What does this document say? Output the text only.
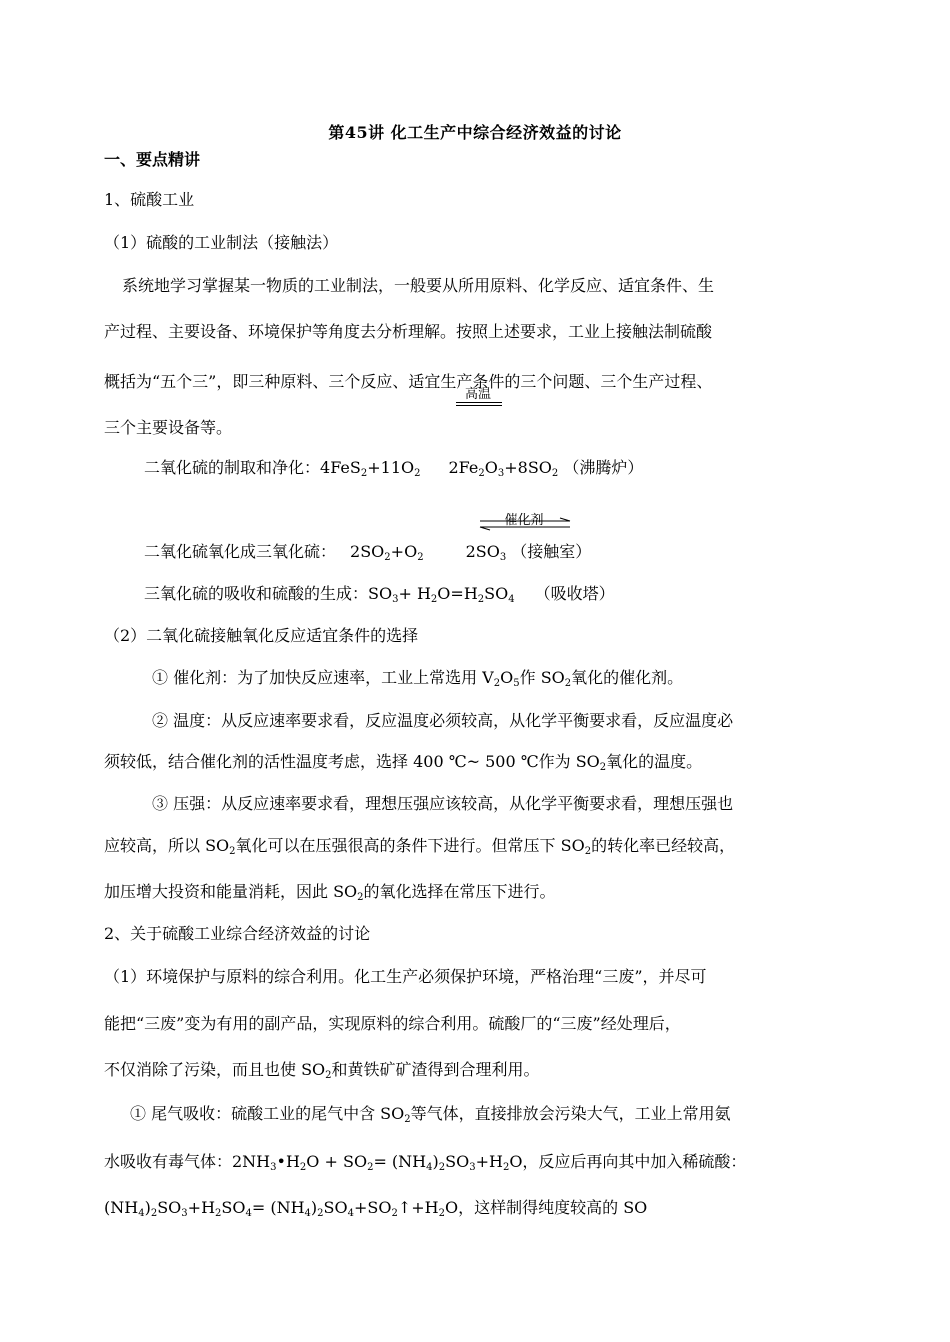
第45讲 化工生产中综合经济效益的讨论
一、要点精讲
1、硫酸工业
（1）硫酸的工业制法（接触法）
系统地学习掌握某一物质的工业制法，一般要从所用原料、化学反应、适宜条件、生
产过程、主要设备、环境保护等角度去分析理解。按照上述要求，工业上接触法制硫酸
概括为“五个三”，即三种原料、三个反应、适宜生产条件的三个问题、三个生产过程、
三个主要设备等。
高温
二氧化硫的制取和净化：$4FeS_2+11O_2$ $2Fe_2O_3+8SO_2$ （沸腾炉）
催化剂
二氧化硫氧化成三氧化硫： $2SO_2+O_2$	$2SO_3$ （接触室）
三氧化硫的吸收和硫酸的生成：$SO_3+ H_2O=H_2SO_4$ （吸收塔）
（2）二氧化硫接触氧化反应适宜条件的选择
① 催化剂：为了加快反应速率，工业上常选用 $V_2O_5$作 $SO_2$氧化的催化剂。
② 温度：从反应速率要求看，反应温度必须较高，从化学平衡要求看，反应温度必
须较低，结合催化剂的活性温度考虑，选择 400 ℃~ 500 ℃作为 $SO_2$氧化的温度。
③ 压强：从反应速率要求看，理想压强应该较高，从化学平衡要求看，理想压强也
应较高，所以 $SO_2$氧化可以在压强很高的条件下进行。但常压下 $SO_2$的转化率已经较高，
加压增大投资和能量消耗，因此 $SO_2$的氧化选择在常压下进行。
2、关于硫酸工业综合经济效益的讨论
（1）环境保护与原料的综合利用。化工生产必须保护环境，严格治理“三废”，并尽可
能把“三废”变为有用的副产品，实现原料的综合利用。硫酸厂的“三废”经处理后，
不仅消除了污染，而且也使 $SO_2$和黄铁矿矿渣得到合理利用。
① 尾气吸收：硫酸工业的尾气中含 $SO_2$等气体，直接排放会污染大气，工业上常用氨
水吸收有毒气体：$2NH_3•H_2O + SO_2= (NH_4)_2SO_3+H_2O$，反应后再向其中加入稀硫酸：
$(NH_4)_2SO_3+H_2SO_4=$ $(NH_4)_2SO_4+SO_2↑+H_2O$，这样制得纯度较高的 SO
